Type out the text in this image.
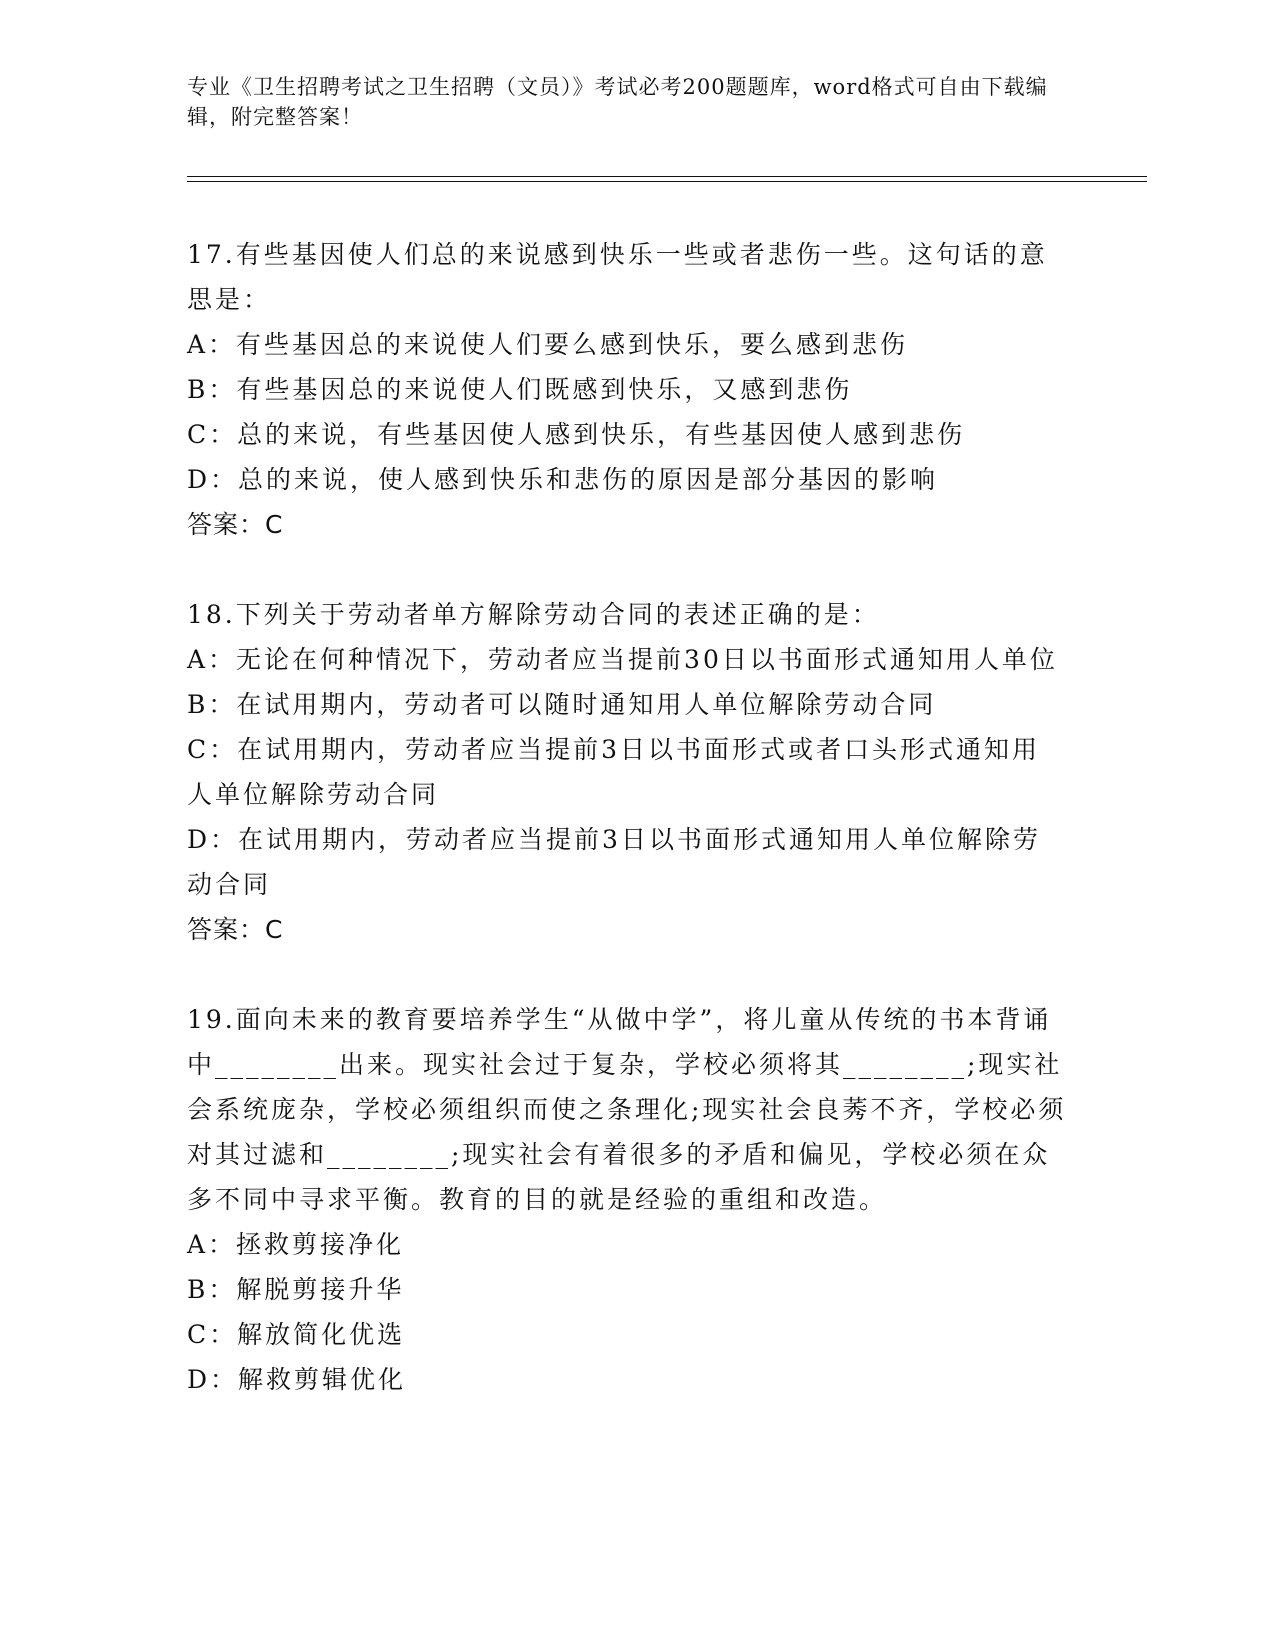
专业《卫生招聘考试之卫生招聘（文员）》考试必考200题题库，word格式可自由下载编辑，附完整答案！

17.有些基因使人们总的来说感到快乐一些或者悲伤一些。这句话的意思是：

A：有些基因总的来说使人们要么感到快乐，要么感到悲伤

B：有些基因总的来说使人们既感到快乐，又感到悲伤

C：总的来说，有些基因使人感到快乐，有些基因使人感到悲伤

D：总的来说，使人感到快乐和悲伤的原因是部分基因的影响

答案：C

18.下列关于劳动者单方解除劳动合同的表述正确的是：

A：无论在何种情况下，劳动者应当提前30日以书面形式通知用人单位

B：在试用期内，劳动者可以随时通知用人单位解除劳动合同

C：在试用期内，劳动者应当提前3日以书面形式或者口头形式通知用人单位解除劳动合同

D：在试用期内，劳动者应当提前3日以书面形式通知用人单位解除劳动合同

答案：C

19.面向未来的教育要培养学生“从做中学”，将儿童从传统的书本背诵中________出来。现实社会过于复杂，学校必须将其________;现实社会系统庞杂，学校必须组织而使之条理化;现实社会良莠不齐，学校必须对其过滤和________;现实社会有着很多的矛盾和偏见，学校必须在众多不同中寻求平衡。教育的目的就是经验的重组和改造。

A：拯救剪接净化

B：解脱剪接升华

C：解放简化优选

D：解救剪辑优化
